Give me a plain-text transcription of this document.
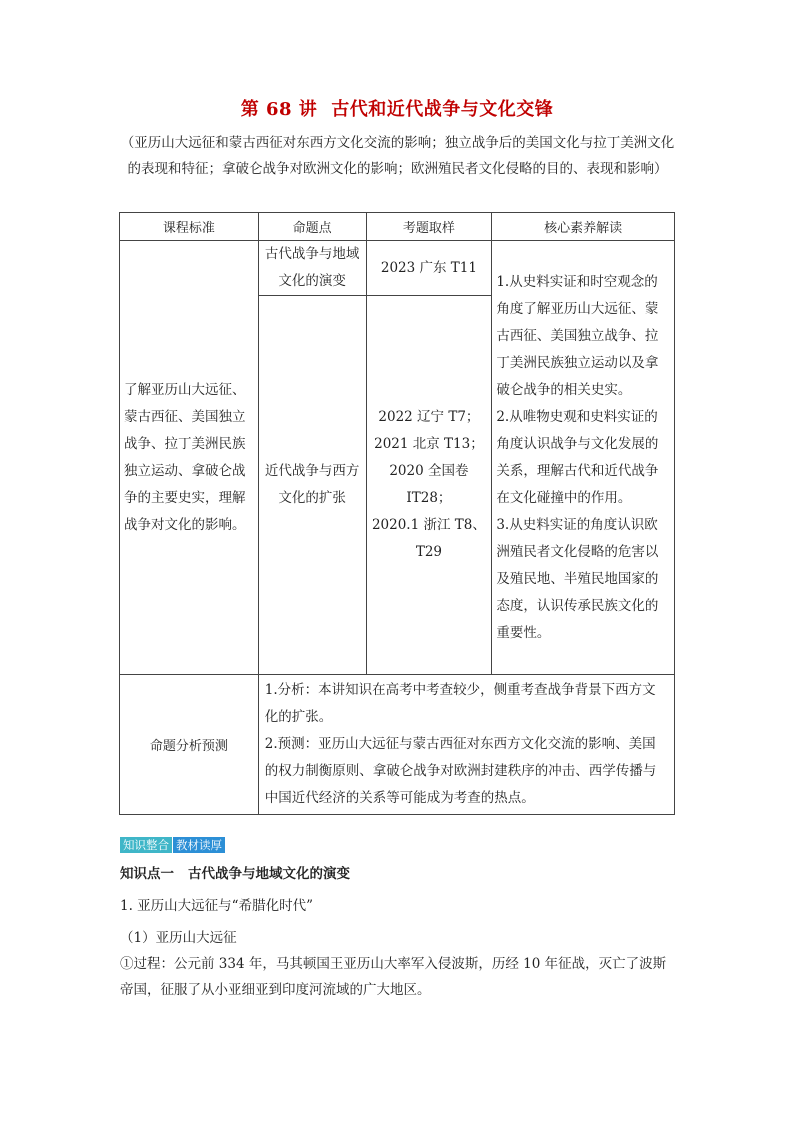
第 68 讲 古代和近代战争与文化交锋
（亚历山大远征和蒙古西征对东西方文化交流的影响；独立战争后的美国文化与拉丁美洲文化的表现和特征；拿破仑战争对欧洲文化的影响；欧洲殖民者文化侵略的目的、表现和影响）
课程标准	命题点	考题取样	核心素养解读
了解亚历山大远征、蒙古西征、美国独立战争、拉丁美洲民族独立运动、拿破仑战争的主要史实，理解战争对文化的影响。	古代战争与地域文化的演变	2023 广东 T11	1.从史料实证和时空观念的角度了解亚历山大远征、蒙古西征、美国独立战争、拉丁美洲民族独立运动以及拿破仑战争的相关史实。
2.从唯物史观和史料实证的角度认识战争与文化发展的关系，理解古代和近代战争在文化碰撞中的作用。
3.从史料实证的角度认识欧洲殖民者文化侵略的危害以及殖民地、半殖民地国家的态度，认识传承民族文化的重要性。

	近代战争与西方文化的扩张	2022 辽宁 T7；
2021 北京 T13；
2020 全国卷 IT28；
2020.1 浙江 T8、T29	

命题分析预测	1.分析：本讲知识在高考中考查较少，侧重考查战争背景下西方文化的扩张。
2.预测：亚历山大远征与蒙古西征对东西方文化交流的影响、美国的权力制衡原则、拿破仑战争对欧洲封建秩序的冲击、西学传播与中国近代经济的关系等可能成为考查的热点。		
知识整合 教材读厚
知识点一 古代战争与地域文化的演变
1. 亚历山大远征与“希腊化时代”
（1）亚历山大远征
①过程：公元前 334 年，马其顿国王亚历山大率军入侵波斯，历经 10 年征战，灭亡了波斯帝国，征服了从小亚细亚到印度河流域的广大地区。
